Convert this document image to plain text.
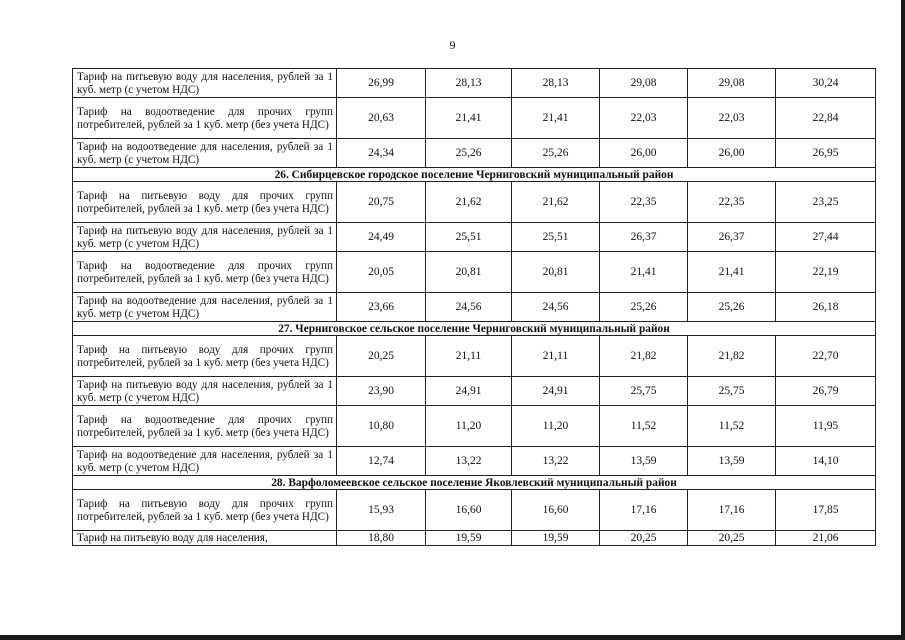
9
Тариф на питьевую воду для населения, рублей за 1 куб. метр (с учетом НДС)	26,99	28,13	28,13	29,08	29,08	30,24
Тариф на водоотведение для прочих групп потребителей, рублей за 1 куб. метр (без учета НДС)	20,63	21,41	21,41	22,03	22,03	22,84
Тариф на водоотведение для населения, рублей за 1 куб. метр (с учетом НДС)	24,34	25,26	25,26	26,00	26,00	26,95
26. Сибирцевское городское поселение Черниговский муниципальный район						
Тариф на питьевую воду для прочих групп потребителей, рублей за 1 куб. метр (без учета НДС)	20,75	21,62	21,62	22,35	22,35	23,25
Тариф на питьевую воду для населения, рублей за 1 куб. метр (с учетом НДС)	24,49	25,51	25,51	26,37	26,37	27,44
Тариф на водоотведение для прочих групп потребителей, рублей за 1 куб. метр (без учета НДС)	20,05	20,81	20,81	21,41	21,41	22,19
Тариф на водоотведение для населения, рублей за 1 куб. метр (с учетом НДС)	23,66	24,56	24,56	25,26	25,26	26,18
27. Черниговское сельское поселение Черниговский муниципальный район						
Тариф на питьевую воду для прочих групп потребителей, рублей за 1 куб. метр (без учета НДС)	20,25	21,11	21,11	21,82	21,82	22,70
Тариф на питьевую воду для населения, рублей за 1 куб. метр (с учетом НДС)	23,90	24,91	24,91	25,75	25,75	26,79
Тариф на водоотведение для прочих групп потребителей, рублей за 1 куб. метр (без учета НДС)	10,80	11,20	11,20	11,52	11,52	11,95
Тариф на водоотведение для населения, рублей за 1 куб. метр (с учетом НДС)	12,74	13,22	13,22	13,59	13,59	14,10
28. Варфоломеевское сельское поселение Яковлевский муниципальный район						
Тариф на питьевую воду для прочих групп потребителей, рублей за 1 куб. метр (без учета НДС)	15,93	16,60	16,60	17,16	17,16	17,85
Тариф на питьевую воду для населения,	18,80	19,59	19,59	20,25	20,25	21,06
